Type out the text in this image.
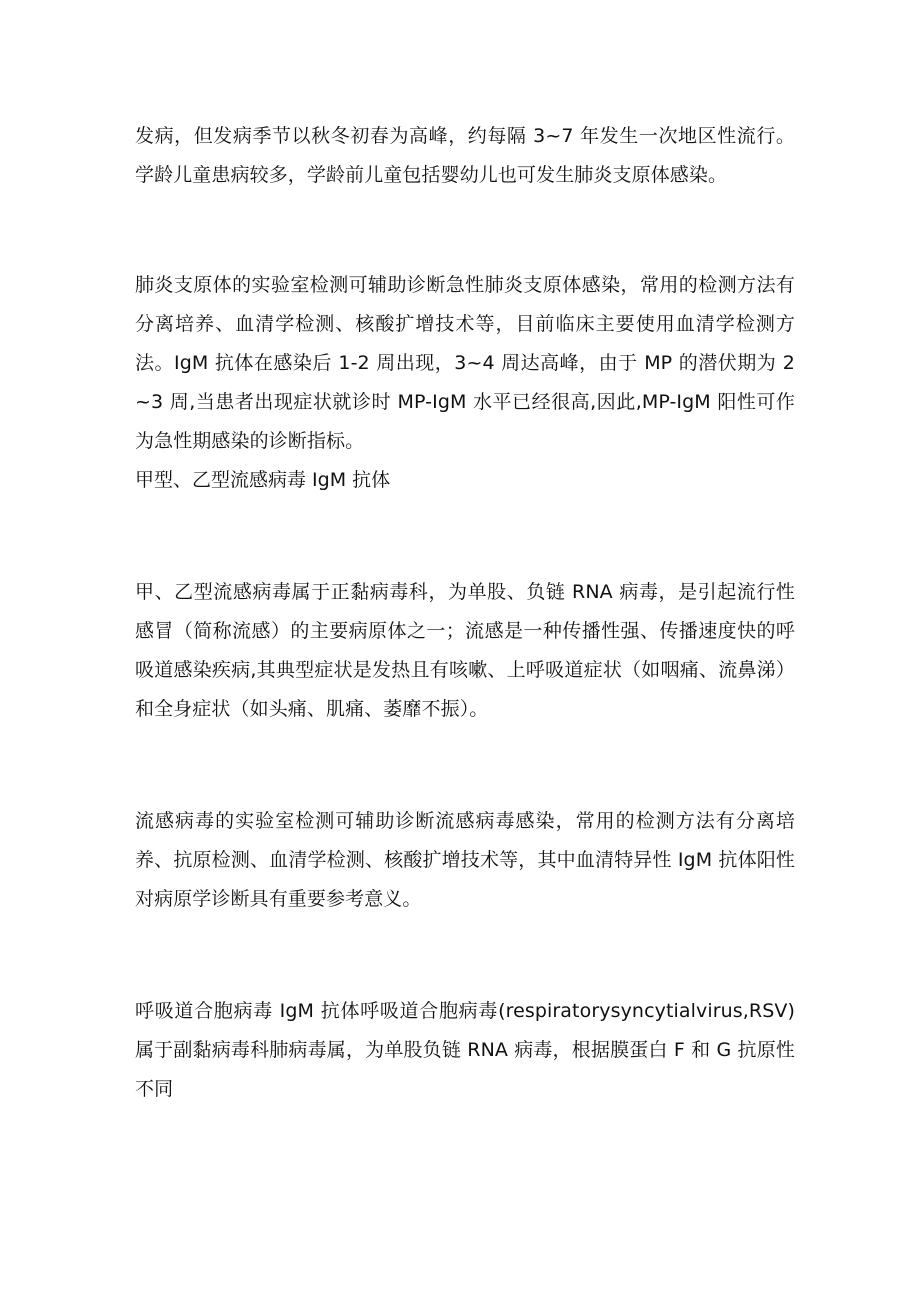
发病，但发病季节以秋冬初春为高峰，约每隔 3~7 年发生一次地区性流行。学龄儿童患病较多，学龄前儿童包括婴幼儿也可发生肺炎支原体感染。

肺炎支原体的实验室检测可辅助诊断急性肺炎支原体感染，常用的检测方法有分离培养、血清学检测、核酸扩增技术等，目前临床主要使用血清学检测方法。IgM 抗体在感染后 1-2 周出现，3~4 周达高峰，由于 MP 的潜伏期为 2~3 周,当患者出现症状就诊时 MP-IgM 水平已经很高,因此,MP-IgM 阳性可作为急性期感染的诊断指标。

甲型、乙型流感病毒 IgM 抗体

甲、乙型流感病毒属于正黏病毒科，为单股、负链 RNA 病毒，是引起流行性感冒（简称流感）的主要病原体之一；流感是一种传播性强、传播速度快的呼吸道感染疾病,其典型症状是发热且有咳嗽、上呼吸道症状（如咽痛、流鼻涕）和全身症状（如头痛、肌痛、萎靡不振）。

流感病毒的实验室检测可辅助诊断流感病毒感染，常用的检测方法有分离培养、抗原检测、血清学检测、核酸扩增技术等，其中血清特异性 IgM 抗体阳性对病原学诊断具有重要参考意义。

呼吸道合胞病毒 IgM 抗体呼吸道合胞病毒(respiratorysyncytialvirus,RSV)属于副黏病毒科肺病毒属，为单股负链 RNA 病毒，根据膜蛋白 F 和 G 抗原性不同
